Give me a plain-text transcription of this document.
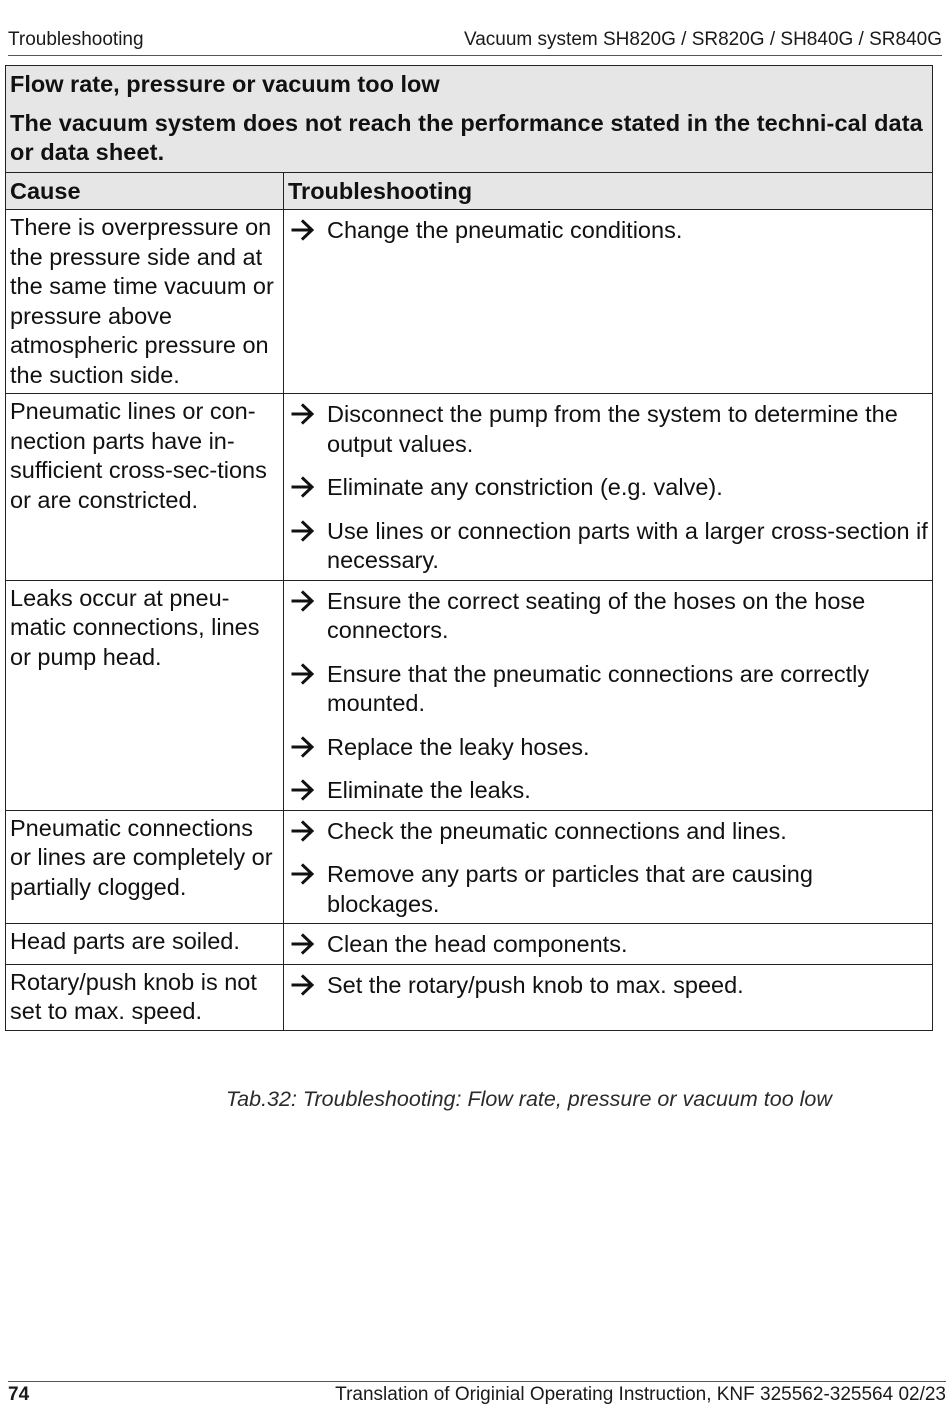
Troubleshooting	Vacuum system SH820G / SR820G / SH840G / SR840G
Flow rate, pressure or vacuum too low
The vacuum system does not reach the performance stated in the techni-cal data or data sheet.	

Cause	Troubleshooting
There is overpressure on the pressure side and at the same time vacuum or pressure above atmospheric pressure on the suction side.	Change the pneumatic conditions.

Pneumatic lines or con-nection parts have in-sufficient cross-sec-tions or are constricted.	Disconnect the pump from the system to determine the output values.
Eliminate any constriction (e.g. valve).
Use lines or connection parts with a larger cross-section if necessary.

Leaks occur at pneu-matic connections, lines or pump head.	Ensure the correct seating of the hoses on the hose connectors.
Ensure that the pneumatic connections are correctly mounted.
Replace the leaky hoses.
Eliminate the leaks.

Pneumatic connections or lines are completely or partially clogged.	Check the pneumatic connections and lines.
Remove any parts or particles that are causing blockages.

Head parts are soiled.	Clean the head components.

Rotary/push knob is not set to max. speed.	Set the rotary/push knob to max. speed.
Tab.32: Troubleshooting: Flow rate, pressure or vacuum too low
74	Translation of Originial Operating Instruction, KNF 325562-325564 02/23
